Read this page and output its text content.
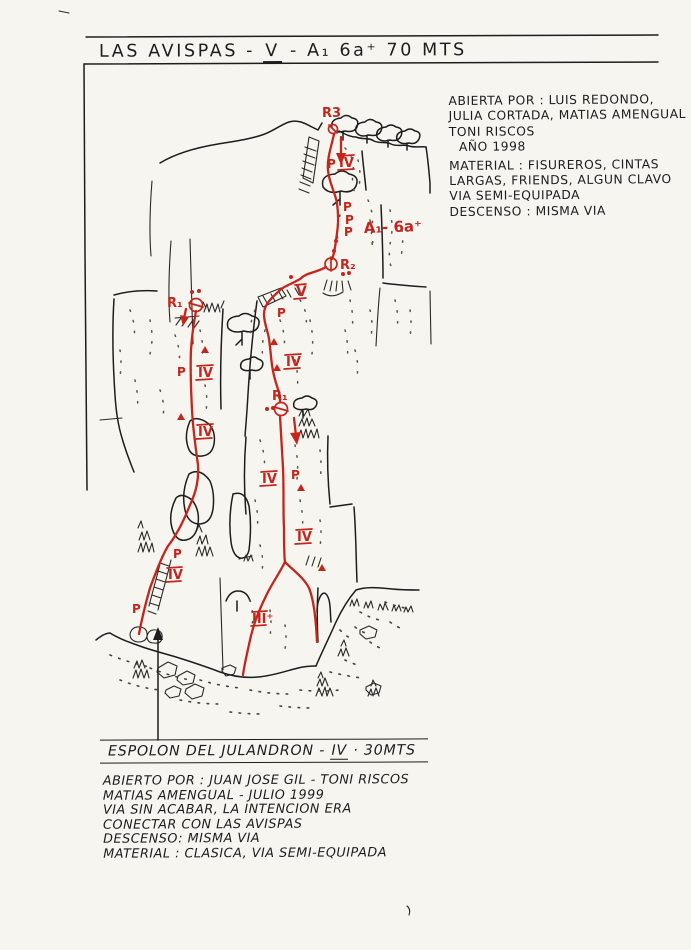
R3
P IV
P
P
P A₁- 6a⁺
R₂
V
P
IV
R₁
IV P
IV
III⁺
R₁
P IV
IV
P
IV
P
LAS AVISPAS - V - A₁ 6a⁺ 70 MTS
ABIERTA POR : LUIS REDONDO,
JULIA CORTADA, MATIAS AMENGUAL
TONI RISCOS
AÑO 1998
MATERIAL : FISUREROS, CINTAS
LARGAS, FRIENDS, ALGUN CLAVO
VIA SEMI-EQUIPADA
DESCENSO : MISMA VIA
ESPOLON DEL JULANDRON - IV · 30MTS
ABIERTO POR : JUAN JOSE GIL - TONI RISCOS
MATIAS AMENGUAL - JULIO 1999
VIA SIN ACABAR, LA INTENCION ERA
CONECTAR CON LAS AVISPAS
DESCENSO: MISMA VIA
MATERIAL : CLASICA, VIA SEMI-EQUIPADA
